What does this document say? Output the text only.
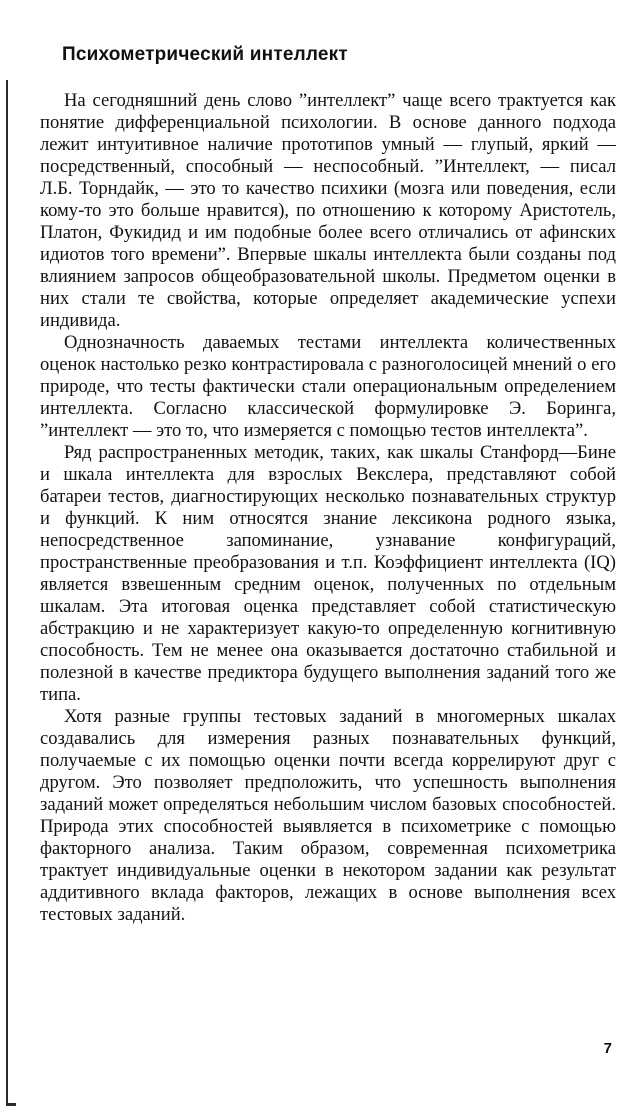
Психометрический интеллект

На сегодняшний день слово ”интеллект” чаще всего трактуется как понятие дифференциальной психологии. В основе данного подхода лежит интуитивное наличие прототипов умный — глупый, яркий — посредственный, способный — неспособный. ”Интеллект, — писал Л.Б. Торндайк, — это то качество психики (мозга или поведения, если кому-то это больше нравится), по отношению к которому Аристотель, Платон, Фукидид и им подобные более всего отличались от афинских идиотов того времени”. Впервые шкалы интеллекта были созданы под влиянием запросов общеобразовательной школы. Предметом оценки в них стали те свойства, которые определяет академические успехи индивида.

Однозначность даваемых тестами интеллекта количественных оценок настолько резко контрастировала с разноголосицей мнений о его природе, что тесты фактически стали операциональным определением интеллекта. Согласно классической формулировке Э. Боринга, ”интеллект — это то, что измеряется с помощью тестов интеллекта”.

Ряд распространенных методик, таких, как шкалы Станфорд—Бине и шкала интеллекта для взрослых Векслера, представляют собой батареи тестов, диагностирующих несколько познавательных структур и функций. К ним относятся знание лексикона родного языка, непосредственное запоминание, узнавание конфигураций, пространственные преобразования и т.п. Коэффициент интеллекта (IQ) является взвешенным средним оценок, полученных по отдельным шкалам. Эта итоговая оценка представляет собой статистическую абстракцию и не характеризует какую-то определенную когнитивную способность. Тем не менее она оказывается достаточно стабильной и полезной в качестве предиктора будущего выполнения заданий того же типа.

Хотя разные группы тестовых заданий в многомерных шкалах создавались для измерения разных познавательных функций, получаемые с их помощью оценки почти всегда коррелируют друг с другом. Это позволяет предположить, что успешность выполнения заданий может определяться небольшим числом базовых способностей. Природа этих способностей выявляется в психометрике с помощью факторного анализа. Таким образом, современная психометрика трактует индивидуальные оценки в некотором задании как результат аддитивного вклада факторов, лежащих в основе выполнения всех тестовых заданий.

7
